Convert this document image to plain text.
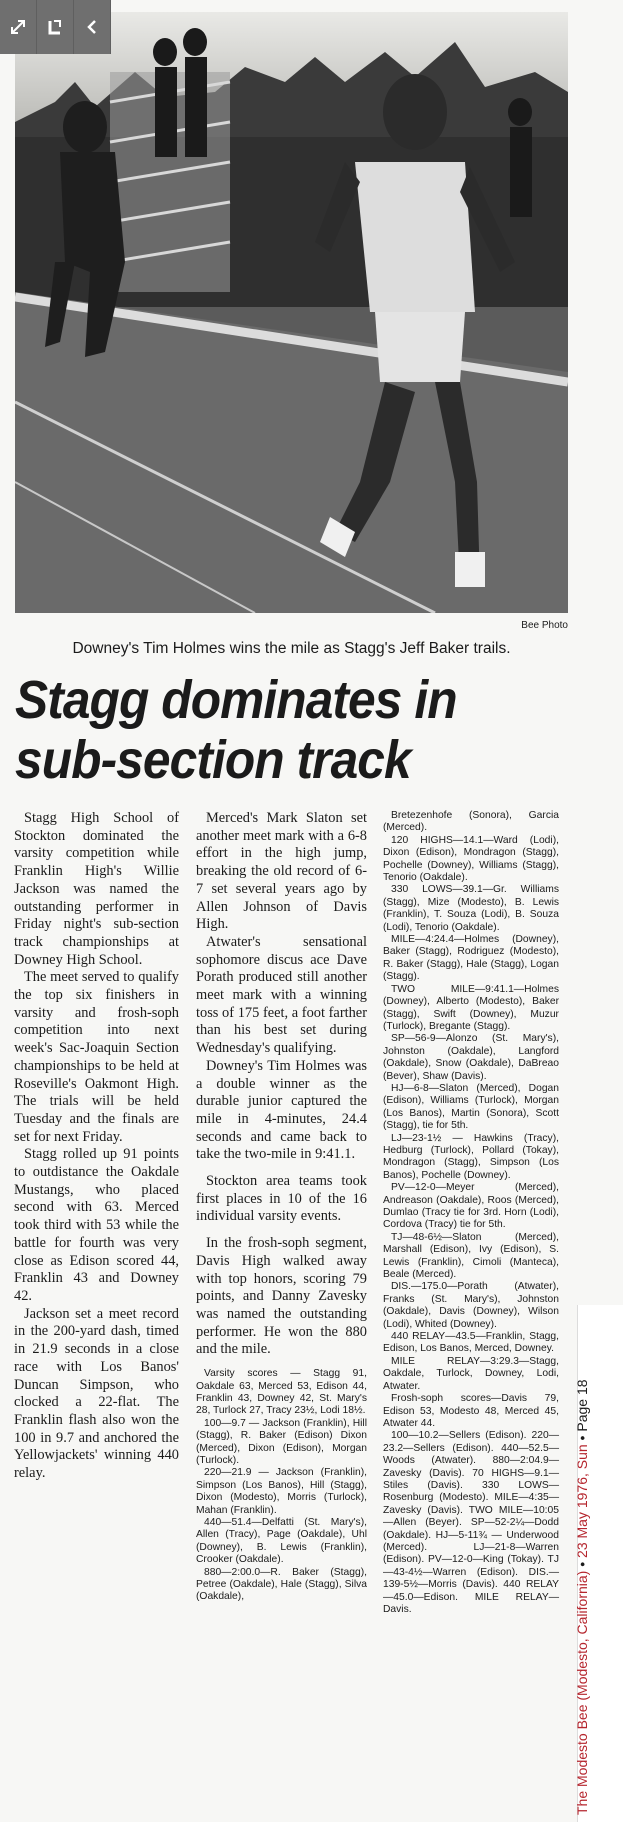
Bee Photo
Downey's Tim Holmes wins the mile as Stagg's Jeff Baker trails.
Stagg dominates in
sub-section track

Stagg High School of Stockton dominated the varsity competition while Franklin High's Willie Jackson was named the outstanding performer in Friday night's sub-section track championships at Downey High School.

The meet served to qualify the top six finishers in varsity and frosh-soph competition into next week's Sac-Joaquin Section championships to be held at Roseville's Oakmont High. The trials will be held Tuesday and the finals are set for next Friday.

Stagg rolled up 91 points to outdistance the Oakdale Mustangs, who placed second with 63. Merced took third with 53 while the battle for fourth was very close as Edison scored 44, Franklin 43 and Downey 42.

Jackson set a meet record in the 200-yard dash, timed in 21.9 seconds in a close race with Los Banos' Duncan Simpson, who clocked a 22-flat. The Franklin flash also won the 100 in 9.7 and anchored the Yellowjackets' winning 440 relay.

Merced's Mark Slaton set another meet mark with a 6-8 effort in the high jump, breaking the old record of 6-7 set several years ago by Allen Johnson of Davis High.

Atwater's sensational sophomore discus ace Dave Porath produced still another meet mark with a winning toss of 175 feet, a foot farther than his best set during Wednesday's qualifying.

Downey's Tim Holmes was a double winner as the durable junior captured the mile in 4-minutes, 24.4 seconds and came back to take the two-mile in 9:41.1.

Stockton area teams took first places in 10 of the 16 individual varsity events.

In the frosh-soph segment, Davis High walked away with top honors, scoring 79 points, and Danny Zavesky was named the outstanding performer. He won the 880 and the mile.

Varsity scores — Stagg 91, Oakdale 63, Merced 53, Edison 44, Franklin 43, Downey 42, St. Mary's 28, Turlock 27, Tracy 23½, Lodi 18½.

100—9.7 — Jackson (Franklin), Hill (Stagg), R. Baker (Edison) Dixon (Merced), Dixon (Edison), Morgan (Turlock).

220—21.9 — Jackson (Franklin), Simpson (Los Banos), Hill (Stagg), Dixon (Modesto), Morris (Turlock), Mahan (Franklin).

440—51.4—Delfatti (St. Mary's), Allen (Tracy), Page (Oakdale), Uhl (Downey), B. Lewis (Franklin), Crooker (Oakdale).

880—2:00.0—R. Baker (Stagg), Petree (Oakdale), Hale (Stagg), Silva (Oakdale),

Bretezenhofe (Sonora), Garcia (Merced).

120 HIGHS—14.1—Ward (Lodi), Dixon (Edison), Mondragon (Stagg), Pochelle (Downey), Williams (Stagg), Tenorio (Oakdale).

330 LOWS—39.1—Gr. Williams (Stagg), Mize (Modesto), B. Lewis (Franklin), T. Souza (Lodi), B. Souza (Lodi), Tenorio (Oakdale).

MILE—4:24.4—Holmes (Downey), Baker (Stagg), Rodriguez (Modesto), R. Baker (Stagg), Hale (Stagg), Logan (Stagg).

TWO MILE—9:41.1—Holmes (Downey), Alberto (Modesto), Baker (Stagg), Swift (Downey), Muzur (Turlock), Bregante (Stagg).

SP—56-9—Alonzo (St. Mary's), Johnston (Oakdale), Langford (Oakdale), Snow (Oakdale), DaBreao (Bever), Shaw (Davis).

HJ—6-8—Slaton (Merced), Dogan (Edison), Williams (Turlock), Morgan (Los Banos), Martin (Sonora), Scott (Stagg), tie for 5th.

LJ—23-1½ — Hawkins (Tracy), Hedburg (Turlock), Pollard (Tokay), Mondragon (Stagg), Simpson (Los Banos), Pochelle (Downey).

PV—12-0—Meyer (Merced), Andreason (Oakdale), Roos (Merced), Dumlao (Tracy tie for 3rd. Horn (Lodi), Cordova (Tracy) tie for 5th.

TJ—48-6½—Slaton (Merced), Marshall (Edison), Ivy (Edison), S. Lewis (Franklin), Cimoli (Manteca), Beale (Merced).

DIS.—175.0—Porath (Atwater), Franks (St. Mary's), Johnston (Oakdale), Davis (Downey), Wilson (Lodi), Whited (Downey).

440 RELAY—43.5—Franklin, Stagg, Edison, Los Banos, Merced, Downey.

MILE RELAY—3:29.3—Stagg, Oakdale, Turlock, Downey, Lodi, Atwater.

Frosh-soph scores—Davis 79, Edison 53, Modesto 48, Merced 45, Atwater 44.

100—10.2—Sellers (Edison). 220—23.2—Sellers (Edison). 440—52.5—Woods (Atwater). 880—2:04.9—Zavesky (Davis). 70 HIGHS—9.1—Stiles (Davis). 330 LOWS—Rosenburg (Modesto). MILE—4:35—Zavesky (Davis). TWO MILE—10:05—Allen (Beyer). SP—52-2¼—Dodd (Oakdale). HJ—5-11¾ — Underwood (Merced). LJ—21-8—Warren (Edison). PV—12-0—King (Tokay). TJ—43-4½—Warren (Edison). DIS.—139-5½—Morris (Davis). 440 RELAY—45.0—Edison. MILE RELAY—Davis.	The Modesto Bee (Modesto, California) • 23 May 1976, Sun • Page 18
